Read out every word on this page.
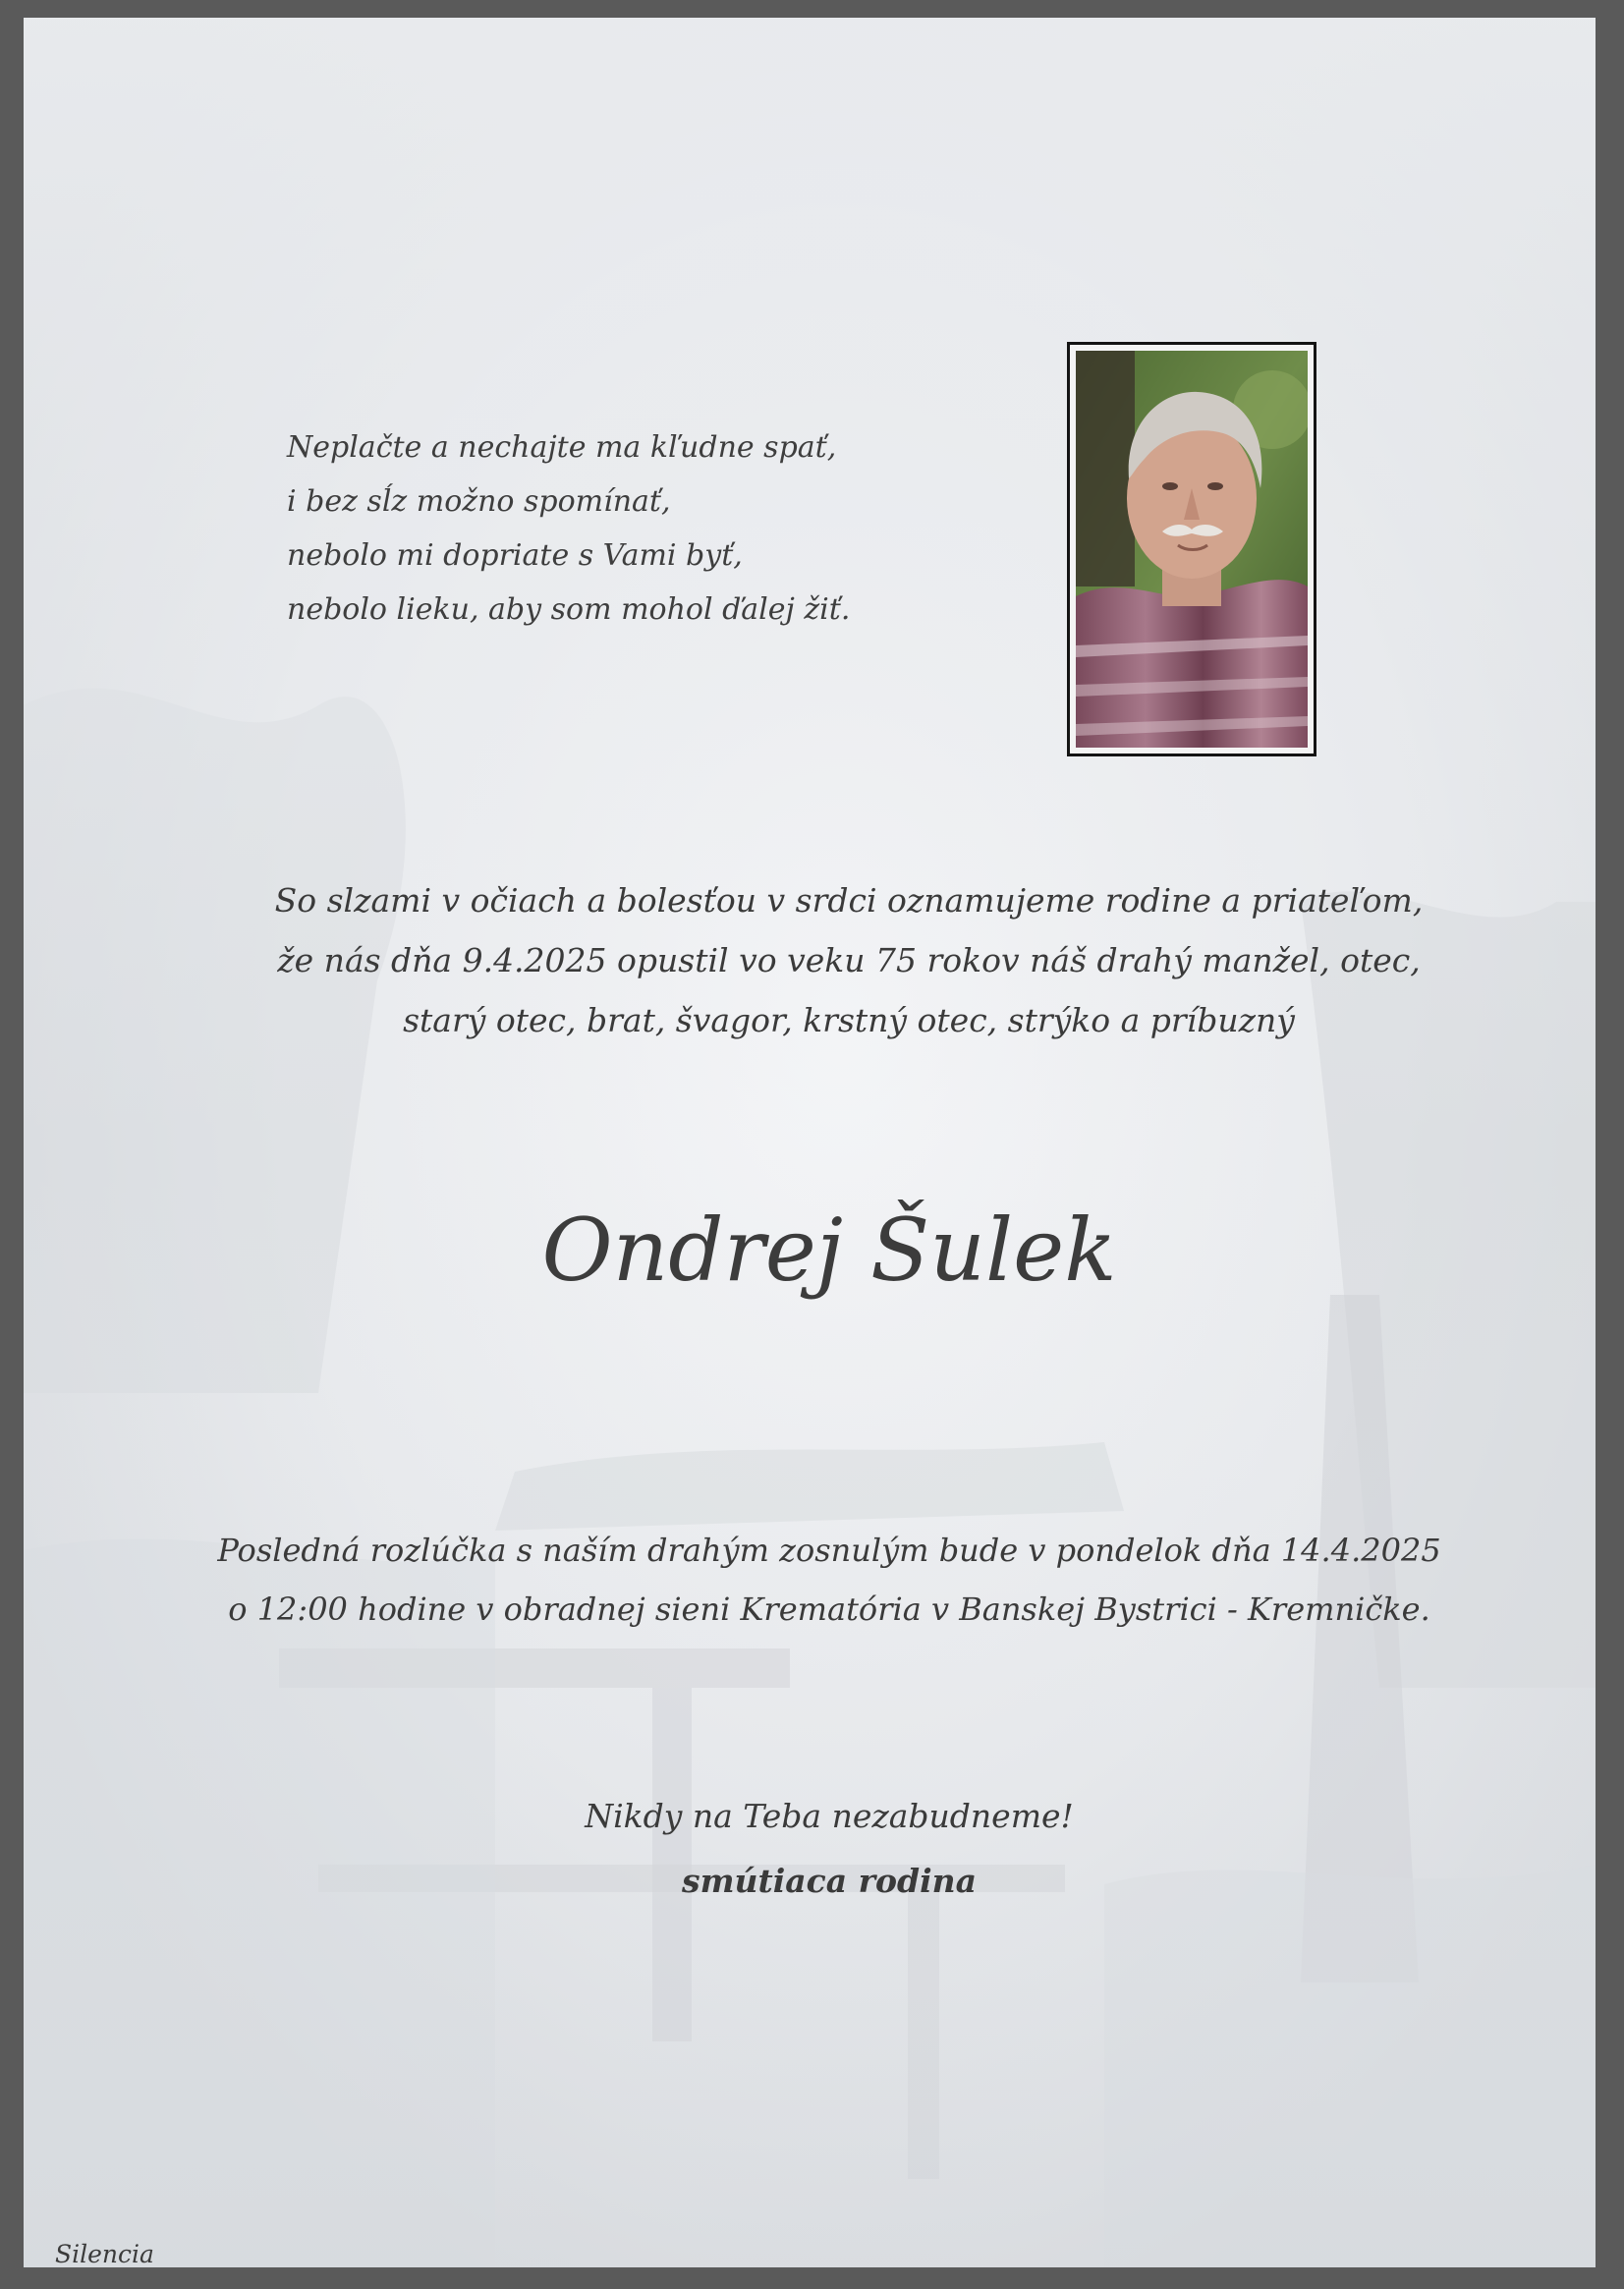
Neplačte a nechajte ma kľudne spať,
i bez sĺz možno spomínať,
nebolo mi dopriate s Vami byť,
nebolo lieku, aby som mohol ďalej žiť.
So slzami v očiach a bolesťou v srdci oznamujeme rodine a priateľom,
že nás dňa 9.4.2025 opustil vo veku 75 rokov náš drahý manžel, otec,
starý otec, brat, švagor, krstný otec, strýko a príbuzný
Ondrej Šulek
Posledná rozlúčka s naším drahým zosnulým bude v pondelok dňa 14.4.2025
o 12:00 hodine v obradnej sieni Krematória v Banskej Bystrici - Kremničke.
Nikdy na Teba nezabudneme!
smútiaca rodina
Silencia
